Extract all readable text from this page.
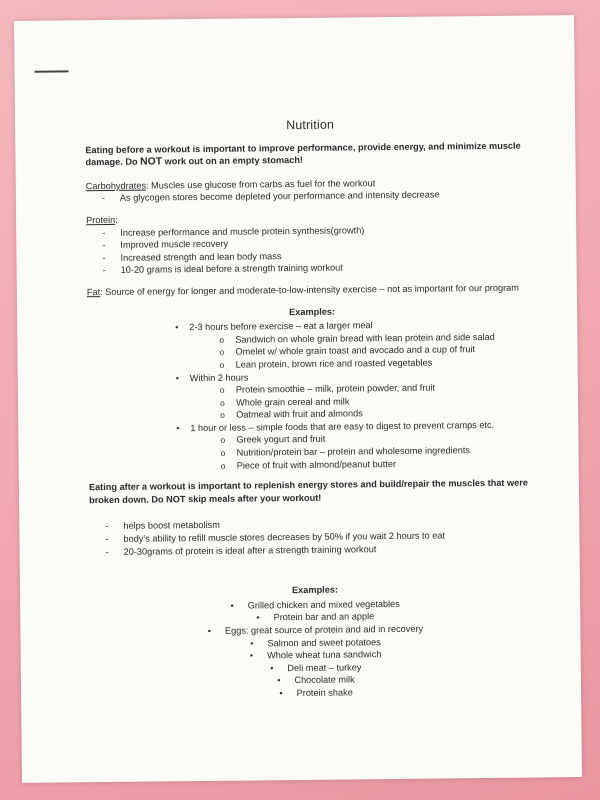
Nutrition
Eating before a workout is important to improve performance, provide energy, and minimize muscle damage. Do NOT work out on an empty stomach!
Carbohydrates: Muscles use glucose from carbs as fuel for the workout
- As glycogen stores become depleted your performance and intensity decrease
Protein:
- Increase performance and muscle protein synthesis(growth)
- Improved muscle recovery
- Increased strength and lean body mass
- 10-20 grams is ideal before a strength training workout
Fat: Source of energy for longer and moderate-to-low-intensity exercise – not as important for our program
Examples:
• 2-3 hours before exercise – eat a larger meal
o Sandwich on whole grain bread with lean protein and side salad
o Omelet w/ whole grain toast and avocado and a cup of fruit
o Lean protein, brown rice and roasted vegetables
• Within 2 hours
o Protein smoothie – milk, protein powder, and fruit
o Whole grain cereal and milk
o Oatmeal with fruit and almonds
• 1 hour or less – simple foods that are easy to digest to prevent cramps etc.
o Greek yogurt and fruit
o Nutrition/protein bar – protein and wholesome ingredients
o Piece of fruit with almond/peanut butter
Eating after a workout is important to replenish energy stores and build/repair the muscles that were broken down. Do NOT skip meals after your workout!
- helps boost metabolism
- body’s ability to refill muscle stores decreases by 50% if you wait 2 hours to eat
- 20-30grams of protein is ideal after a strength training workout
Examples:
• Grilled chicken and mixed vegetables
• Protein bar and an apple
• Eggs: great source of protein and aid in recovery
• Salmon and sweet potatoes
• Whole wheat tuna sandwich
• Deli meat – turkey
• Chocolate milk
• Protein shake
